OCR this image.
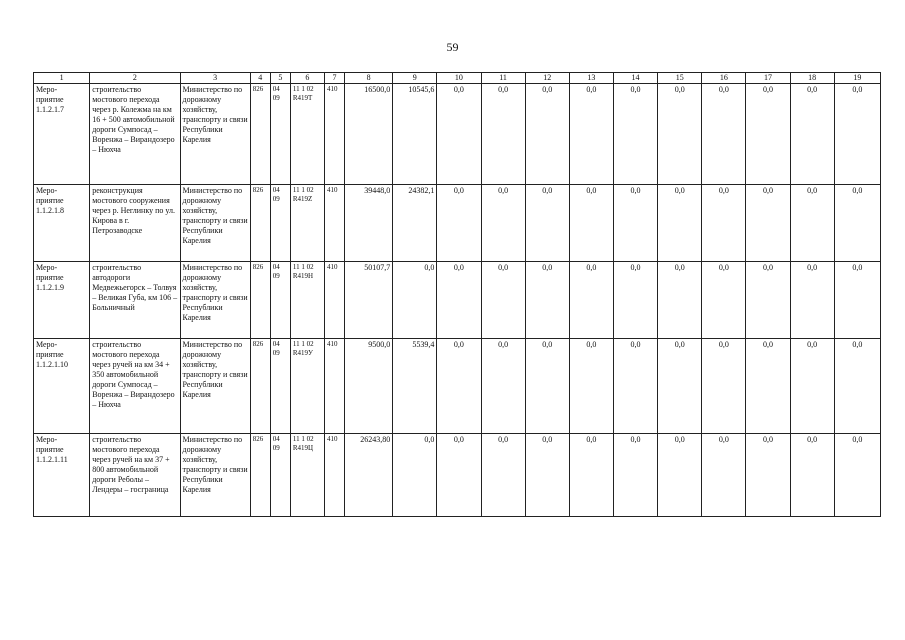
59
1	2	3	4	5	6	7	8	9	10	11	12	13	14	15	16	17	18	19
Меро-
приятие
1.1.2.1.7	строительство мостового перехода через р. Колежма на км 16 + 500 автомобильной дороги Сумпосад – Воренжа – Вирандозеро – Нюхча	Министерство по дорожному хозяйству, транспорту и связи Республики Карелия	826	04 09	11 1 02 R419Т	410	16500,0	10545,6	0,0	0,0	0,0	0,0	0,0	0,0	0,0	0,0	0,0	0,0
Меро-
приятие
1.1.2.1.8	реконструкция мостового сооружения через р. Неглинку по ул. Кирова в г. Петрозаводске	Министерство по дорожному хозяйству, транспорту и связи Республики Карелия	826	04 09	11 1 02 R419Z	410	39448,0	24382,1	0,0	0,0	0,0	0,0	0,0	0,0	0,0	0,0	0,0	0,0
Меро-
приятие
1.1.2.1.9	строительство автодороги Медвежьегорск – Толвуя – Великая Губа, км 106 – Больничный	Министерство по дорожному хозяйству, транспорту и связи Республики Карелия	826	04 09	11 1 02 R419Н	410	50107,7	0,0	0,0	0,0	0,0	0,0	0,0	0,0	0,0	0,0	0,0	0,0
Меро-
приятие
1.1.2.1.10	строительство мостового перехода через ручей на км 34 + 350 автомобильной дороги Сумпосад – Воренжа – Вирандозеро – Нюхча	Министерство по дорожному хозяйству, транспорту и связи Республики Карелия	826	04 09	11 1 02 R419У	410	9500,0	5539,4	0,0	0,0	0,0	0,0	0,0	0,0	0,0	0,0	0,0	0,0
Меро-
приятие
1.1.2.1.11	строительство мостового перехода через ручей на км 37 + 800 автомобильной дороги Реболы – Лендеры – госграница	Министерство по дорожному хозяйству, транспорту и связи Республики Карелия	826	04 09	11 1 02 R419Ц	410	26243,80	0,0	0,0	0,0	0,0	0,0	0,0	0,0	0,0	0,0	0,0	0,0
